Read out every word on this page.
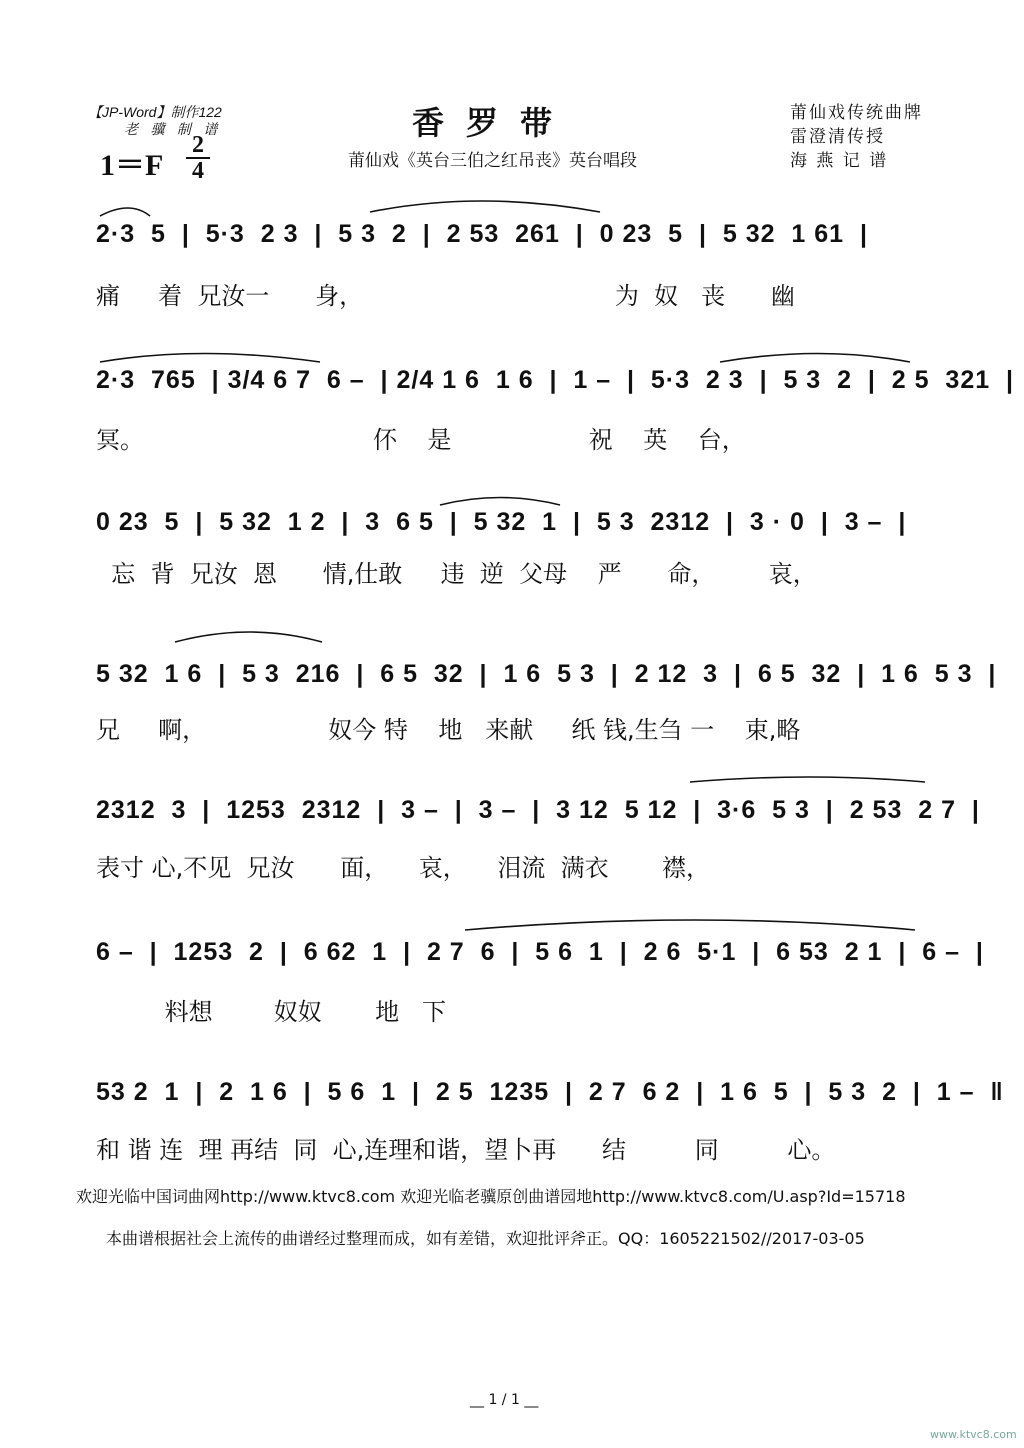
【JP-Word】制作122
老 骥 制 谱
1＝F
2
4
香罗带
莆仙戏《英台三伯之红吊丧》英台唱段
莆仙戏传统曲牌
雷澄清传授
海 燕 记 谱
2·3  5  |  5·3  2 3  |  5 3  2  |  2 53  261  |  0 23  5  |  5 32  1 61  |
痛     着  兄汝一      身，                                 为  奴   丧      幽
2·3  765  | 3/4 6 7  6 –  | 2/4 1 6  1 6  |  1 –  |  5·3  2 3  |  5 3  2  |  2 5  321  |
冥。                              伓    是                  祝    英    台，
0 23  5  |  5 32  1 2  |  3  6 5  |  5 32  1  |  5 3  2312  |  3 · 0  |  3 –  |
忘  背  兄汝  恩      情,仕敢     违  逆  父母    严      命，       哀，
5 32  1 6  |  5 3  216  |  6 5  32  |  1 6  5 3  |  2 12  3  |  6 5  32  |  1 6  5 3  |
兄     啊，                奴今 特    地   来献     纸 钱,生刍 一    束,略
2312  3  |  1253  2312  |  3 –  |  3 –  |  3 12  5 12  |  3·6  5 3  |  2 53  2 7  |
表寸 心,不见  兄汝      面，    哀，    泪流  满衣       襟，
6 –  |  1253  2  |  6 62  1  |  2 7  6  |  5 6  1  |  2 6  5·1  |  6 53  2 1  |  6 –  |
料想        奴奴       地   下
53 2  1  |  2  1 6  |  5 6  1  |  2 5  1235  |  2 7  6 2  |  1 6  5  |  5 3  2  |  1 –  ‖
和 谐 连  理 再结  同  心,连理和谐，望卜再      结         同         心。
欢迎光临中国词曲网http://www.ktvc8.com 欢迎光临老骥原创曲谱园地http://www.ktvc8.com/U.asp?Id=15718
本曲谱根据社会上流传的曲谱经过整理而成，如有差错，欢迎批评斧正。QQ：1605221502//2017-03-05
__ 1 / 1 __
www.ktvc8.com
